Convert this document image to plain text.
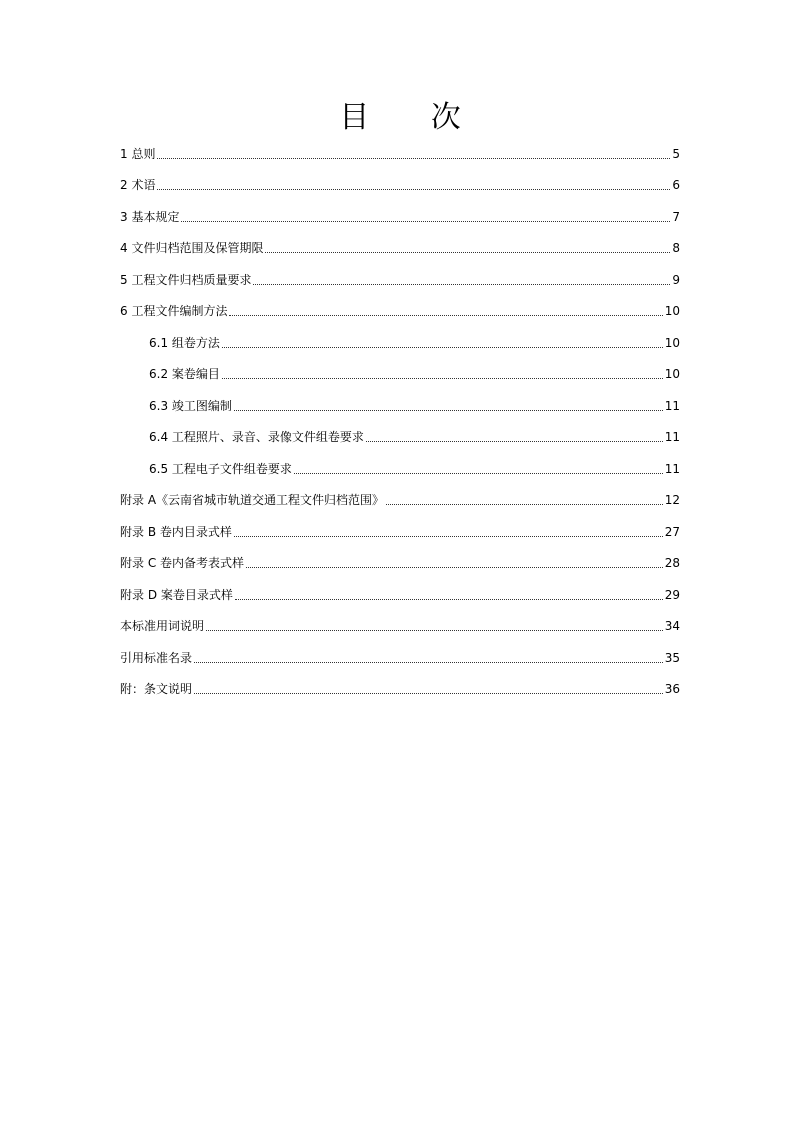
目 次
1 总则	5
2 术语	6
3 基本规定	7
4 文件归档范围及保管期限	8
5 工程文件归档质量要求	9
6 工程文件编制方法	10
6.1 组卷方法	10
6.2 案卷编目	10
6.3 竣工图编制	11
6.4 工程照片、录音、录像文件组卷要求	11
6.5 工程电子文件组卷要求	11
附录 A《云南省城市轨道交通工程文件归档范围》	12
附录 B 卷内目录式样	27
附录 C 卷内备考表式样	28
附录 D 案卷目录式样	29
本标准用词说明	34
引用标准名录	35
附：条文说明	36
